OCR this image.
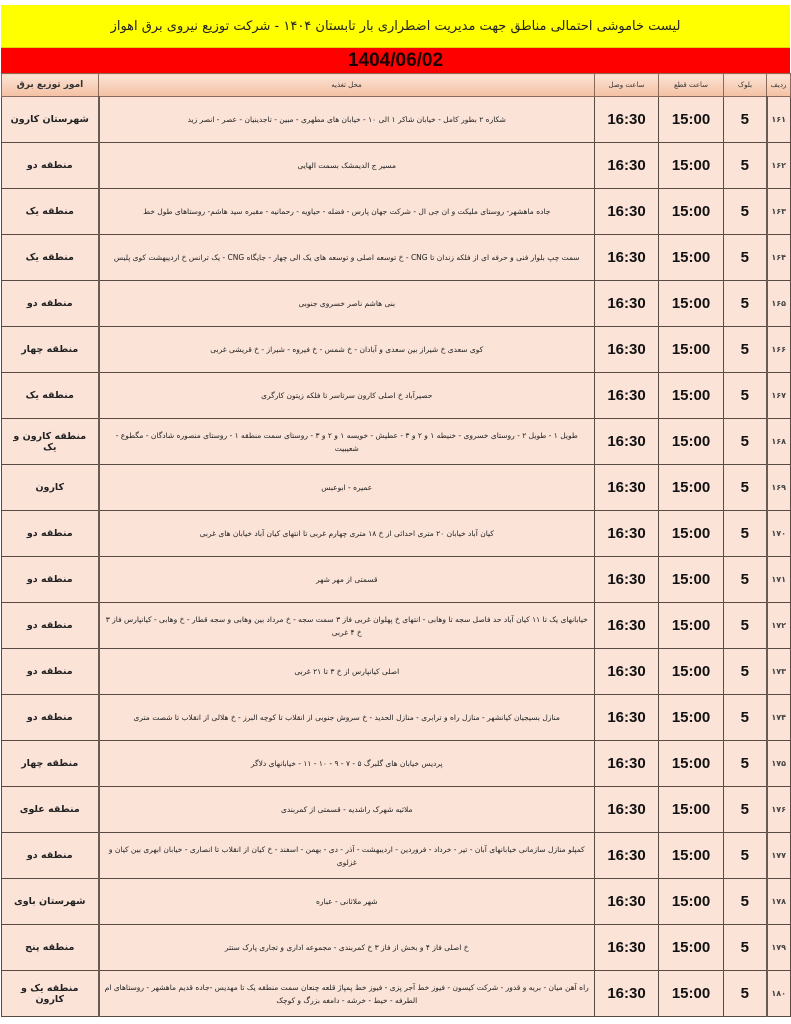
لیست خاموشی احتمالی مناطق جهت مدیریت اضطراری بار تابستان ۱۴۰۴ - شرکت توزیع نیروی برق اهواز
1404/06/02
ردیف	بلوک	ساعت قطع	ساعت وصل	محل تغذیه	امور توزیع برق
۱۶۱	5	15:00	16:30	شکاره ۲ بطور کامل - خیابان شاکر ۱ الی ۱۰ - خیابان های مطهری - مبین - تاجدینیان - عصر - انصر زید	شهرستان کارون
۱۶۲	5	15:00	16:30	مسیر ج الدیمشک بسمت الهایی	منطقه دو
۱۶۳	5	15:00	16:30	جاده ماهشهر- روستای ملیکت و ان جی ال - شرکت جهان پارس - فضله - حیاویه - رحمانیه - مقبره سید هاشم- روستاهای طول خط	منطقه یک
۱۶۴	5	15:00	16:30	سمت چپ بلوار فنی و حرفه ای از فلکه زندان تا CNG - خ توسعه اصلی و توسعه های یک الی چهار - جایگاه CNG - یک ترانس خ اردیبهشت کوی پلیس	منطقه یک
۱۶۵	5	15:00	16:30	بنی هاشم ناصر خسروی جنوبی	منطقه دو
۱۶۶	5	15:00	16:30	کوی سعدی خ شیراز بین سعدی و آبادان - خ شمس - خ فیروه - شیراز - خ قریشی غربی	منطقه چهار
۱۶۷	5	15:00	16:30	حصیرآباد خ اصلی کارون سرتاسر تا فلکه زیتون کارگری	منطقه یک
۱۶۸	5	15:00	16:30	طویل ۱ - طویل ۲ - روستای خسروی - خنیطه ۱ و ۲ و ۳ - عطیش - خویسه ۱ و ۲ و ۳ - روستای سمت منطقه ۱ - روستای منصوره شادگان - مگطوع - شعیبیت	منطقه کارون و یک
۱۶۹	5	15:00	16:30	عمیره - ابوعبس	کارون
۱۷۰	5	15:00	16:30	کیان آباد خیابان ۲۰ متری احداثی از خ ۱۸ متری چهارم غربی تا انتهای کیان آباد خیابان های غربی	منطقه دو
۱۷۱	5	15:00	16:30	قسمتی از مهر شهر	منطقه دو
۱۷۲	5	15:00	16:30	خیابانهای یک تا ۱۱ کیان آباد حد فاصل سجه تا وهابی - انتهای خ پهلوان غربی فاز ۳ سمت سجه - خ مرداد بین وهابی و سجه قطار - خ وهابی - کیانپارس فاز ۳ خ ۴ غربی	منطقه دو
۱۷۳	5	15:00	16:30	اصلی کیانپارس از خ ۳ تا ۲۱ غربی	منطقه دو
۱۷۴	5	15:00	16:30	منازل بسیجیان کیانشهر - منازل راه و ترابری - منازل الحدید - خ سروش جنوبی از انقلاب تا کوچه البرز - خ هلالی از انقلاب تا شصت متری	منطقه دو
۱۷۵	5	15:00	16:30	پردیس خیابان های گلبرگ ۵ - ۷ - ۹ - ۱۰ - ۱۱ - خیابانهای دلاگر	منطقه چهار
۱۷۶	5	15:00	16:30	ملاثیه شهرک راشدیه - قسمتی از کمربندی	منطقه علوی
۱۷۷	5	15:00	16:30	کمپلو منازل سازمانی خیابانهای آبان - تیر - خرداد - فروردین - اردیبهشت - آذر - دی - بهمن - اسفند - خ کیان از انقلاب تا انصاری - خیابان ابهری بین کیان و غزلوی	منطقه دو
۱۷۸	5	15:00	16:30	شهر ملاثانی - عباره	شهرستان باوی
۱۷۹	5	15:00	16:30	خ اصلی فاز ۴ و بخش از فاز ۳ خ کمربندی - مجموعه اداری و تجاری پارک ستتر	منطقه پنج
۱۸۰	5	15:00	16:30	راه آهن میان - بریه و قدور - شرکت کیسون - فیوز خط آجر پزی - فیوز خط پمپاژ قلعه چنعان سمت منطقه یک تا مهدیس -جاده قدیم ماهشهر - روستاهای ام الطرفه - خیط - خرشه - دامغه بزرگ و کوچک	منطقه یک و کارون
